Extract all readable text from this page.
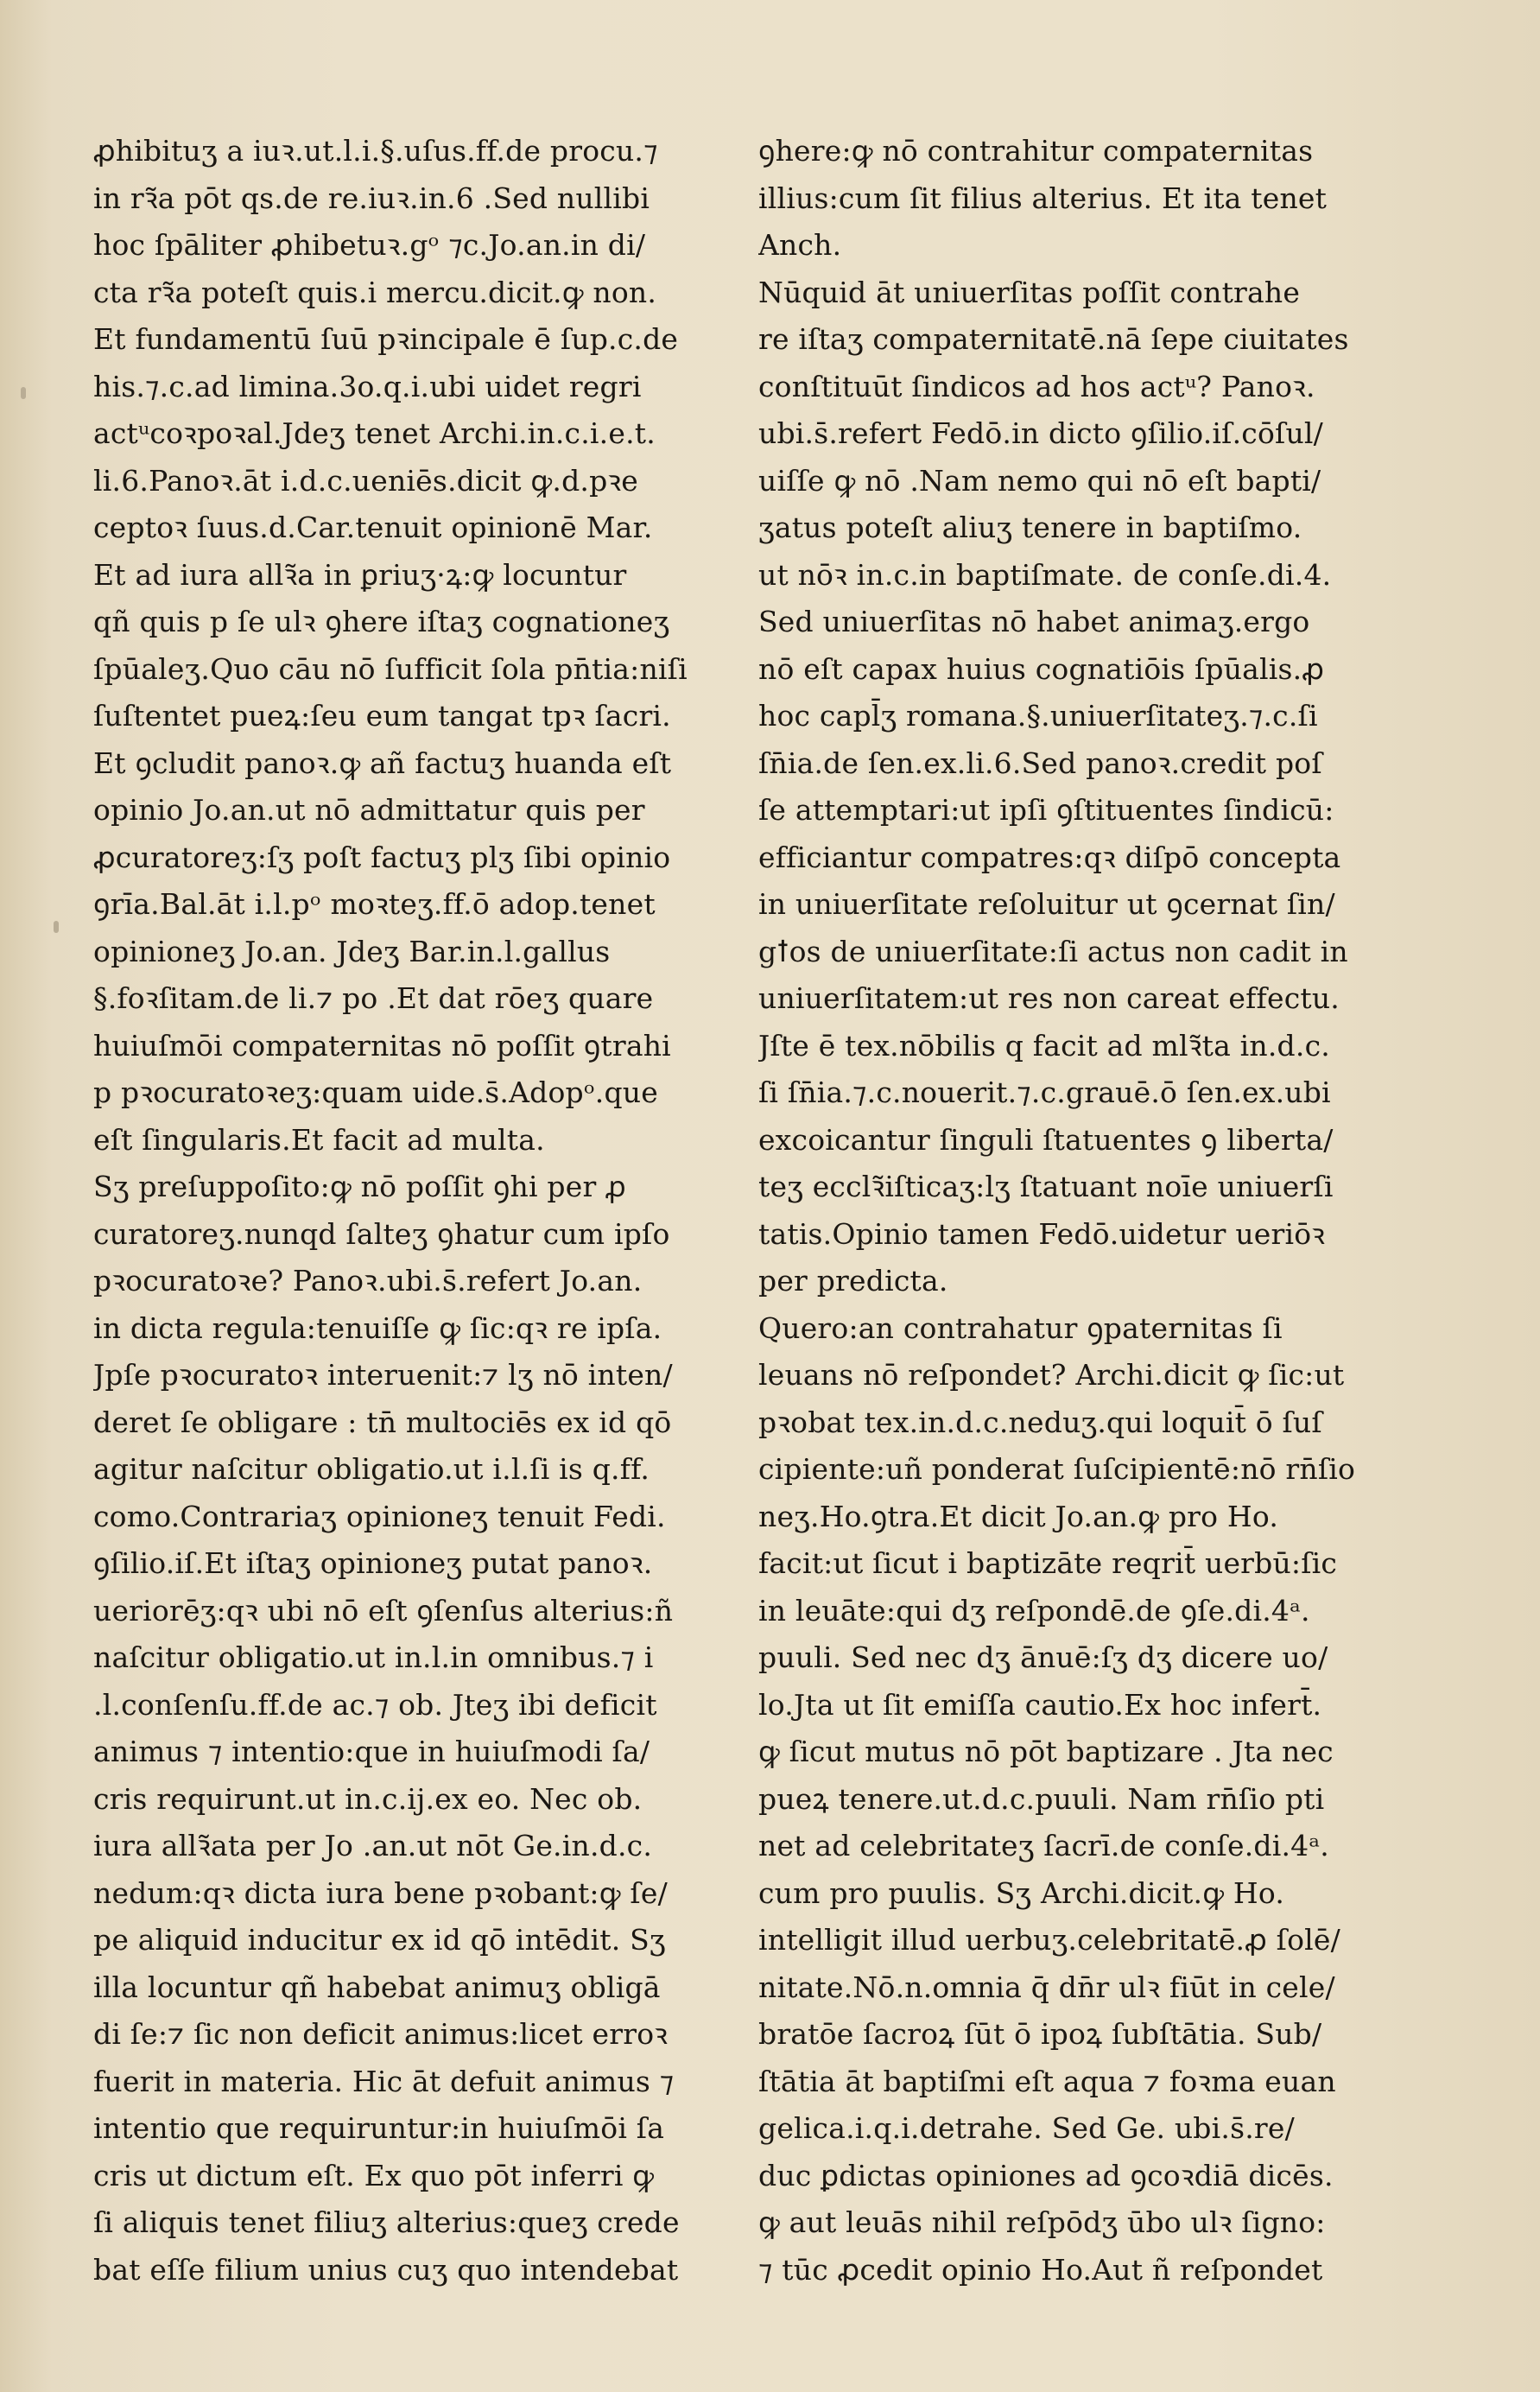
ꝓhibituʒ a iuꝛ.ut.l.i.§.uſus.ff.de procu.⁊
in rꝛ̃a pōt qs.de re.iuꝛ.in.6 .Sed nullibi
hoc ſpāliter ꝓhibetuꝛ.gᵒ ⁊c.Jo.an.in di/
cta rꝛ̃a poteſt quis.i mercu.dicit.ꝙ non.
Et fundamentū ſuū pꝛincipale ē ſup.c.de
his.⁊.c.ad limina.3o.q.i.ubi uidet regri
actᵘcoꝛpoꝛal.Jdeʒ tenet Archi.in.c.i.e.t.
li.6.Panoꝛ.āt i.d.c.ueniēs.dicit ꝙ.d.pꝛe
ceptoꝛ ſuus.d.Car.tenuit opinionē Mar.
Et ad iura allꝛ̃a in ꝑriuʒ·ꝝ:ꝙ locuntur
qñ quis p ſe ulꝛ ꝯhere iſtaʒ cognationeʒ
ſpūaleʒ.Quo cāu nō ſufficit ſola pn̄tia:niſi
ſuſtentet pueꝝ:ſeu eum tangat tpꝛ ſacri.
Et ꝯcludit panoꝛ.ꝙ añ factuʒ huanda eſt
opinio Jo.an.ut nō admittatur quis per
ꝓcuratoreʒ:ſʒ poſt factuʒ plʒ ſibi opinio
ꝯrīa.Bal.āt i.l.pᵒ moꝛteʒ.ff.ō adop.tenet
opinioneʒ Jo.an. Jdeʒ Bar.in.l.gallus
§.foꝛſitam.de li.⁊ po .Et dat rōeʒ quare
huiuſmōi compaternitas nō poſſit ꝯtrahi
p pꝛocuratoꝛeʒ:quam uide.s̄.Adopᵒ.que
eſt ſingularis.Et facit ad multa.
Sʒ preſuppoſito:ꝙ nō poſſit ꝯhi per ꝓ
curatoreʒ.nunqd ſalteʒ ꝯhatur cum ipſo
pꝛocuratoꝛe? Panoꝛ.ubi.s̄.refert Jo.an.
in dicta regula:tenuiſſe ꝙ ſic:qꝛ re ipſa.
Jpſe pꝛocuratoꝛ interuenit:⁊ lʒ nō inten/
deret ſe obligare : tn̄ multociēs ex id qō
agitur naſcitur obligatio.ut i.l.ſi is q.ff.
como.Contrariaʒ opinioneʒ tenuit Fedi.
ꝯſilio.iſ.Et iſtaʒ opinioneʒ putat panoꝛ.
ueriorēʒ:qꝛ ubi nō eſt ꝯſenſus alterius:ñ
naſcitur obligatio.ut in.l.in omnibus.⁊ i
.l.conſenſu.ff.de ac.⁊ ob. Jteʒ ibi deficit
animus ⁊ intentio:que in huiuſmodi ſa/
cris requirunt.ut in.c.ij.ex eo. Nec ob.
iura allꝛ̃ata per Jo .an.ut nōt Ge.in.d.c.
nedum:qꝛ dicta iura bene pꝛobant:ꝙ ſe/
pe aliquid inducitur ex id qō intēdit. Sʒ
illa locuntur qñ habebat animuʒ obligā
di ſe:⁊ ſic non deficit animus:licet erroꝛ
fuerit in materia. Hic āt defuit animus ⁊
intentio que requiruntur:in huiuſmōi ſa
cris ut dictum eſt. Ex quo pōt inferri ꝙ
ſi aliquis tenet filiuʒ alterius:queʒ crede
bat eſſe filium unius cuʒ quo intendebat
ꝯhere:ꝙ nō contrahitur compaternitas
illius:cum ſit filius alterius. Et ita tenet
Anch.
Nūquid āt uniuerſitas poſſit contrahe
re iſtaʒ compaternitatē.nā ſepe ciuitates
conſtituūt ſindicos ad hos actᵘ? Panoꝛ.
ubi.s̄.refert Fedō.in dicto ꝯſilio.iſ.cōſul/
uiſſe ꝙ nō .Nam nemo qui nō eſt bapti/
ʒatus poteſt aliuʒ tenere in baptiſmo.
ut nōꝛ in.c.in baptiſmate. de conſe.di.4.
Sed uniuerſitas nō habet animaʒ.ergo
nō eſt capax huius cognatiōis ſpūalis.ꝓ
hoc capl̄ʒ romana.§.uniuerſitateʒ.⁊.c.ſi
ſn̄ia.de ſen.ex.li.6.Sed panoꝛ.credit poſ
ſe attemptari:ut ipſi ꝯſtituentes ſindicū:
efficiantur compatres:qꝛ diſpō concepta
in uniuerſitate reſoluitur ut ꝯcernat ſin/
gꝉos de uniuerſitate:ſi actus non cadit in
uniuerſitatem:ut res non careat effectu.
Jſte ē tex.nōbilis q facit ad mlꝛ̃ta in.d.c.
ſi ſn̄ia.⁊.c.nouerit.⁊.c.grauē.ō ſen.ex.ubi
excoicantur ſinguli ſtatuentes ꝯ liberta/
teʒ ecclꝛ̃iſticaʒ:lʒ ſtatuant noīe uniuerſi
tatis.Opinio tamen Fedō.uidetur ueriōꝛ
per predicta.
Quero:an contrahatur ꝯpaternitas ſi
leuans nō reſpondet? Archi.dicit ꝙ ſic:ut
pꝛobat tex.in.d.c.neduʒ.qui loquit̄ ō ſuſ
cipiente:uñ ponderat ſuſcipientē:nō rn̄ſio
neʒ.Ho.ꝯtra.Et dicit Jo.an.ꝙ pro Ho.
facit:ut ſicut i baptizāte reqrit̄ uerbū:ſic
in leuāte:qui dʒ reſpondē.de ꝯſe.di.4ᵃ.
puuli. Sed nec dʒ ānuē:ſʒ dʒ dicere uo/
lo.Jta ut ſit emiſſa cautio.Ex hoc infert̄.
ꝙ ſicut mutus nō pōt baptizare . Jta nec
pueꝝ tenere.ut.d.c.puuli. Nam rn̄ſio pti
net ad celebritateʒ ſacrī.de conſe.di.4ᵃ.
cum pro puulis. Sʒ Archi.dicit.ꝙ Ho.
intelligit illud uerbuʒ.celebritatē.ꝓ ſolē/
nitate.Nō.n.omnia q̄ dn̄r ulꝛ fiūt in cele/
bratōe ſacroꝝ ſūt ō ipoꝝ ſubſtātia. Sub/
ſtātia āt baptiſmi eſt aqua ⁊ foꝛma euan
gelica.i.q.i.detrahe. Sed Ge. ubi.s̄.re/
duc ꝑdictas opiniones ad ꝯcoꝛdiā dicēs.
ꝙ aut leuās nihil reſpōdʒ ūbo ulꝛ ſigno:
⁊ tūc ꝓcedit opinio Ho.Aut ñ reſpondet
